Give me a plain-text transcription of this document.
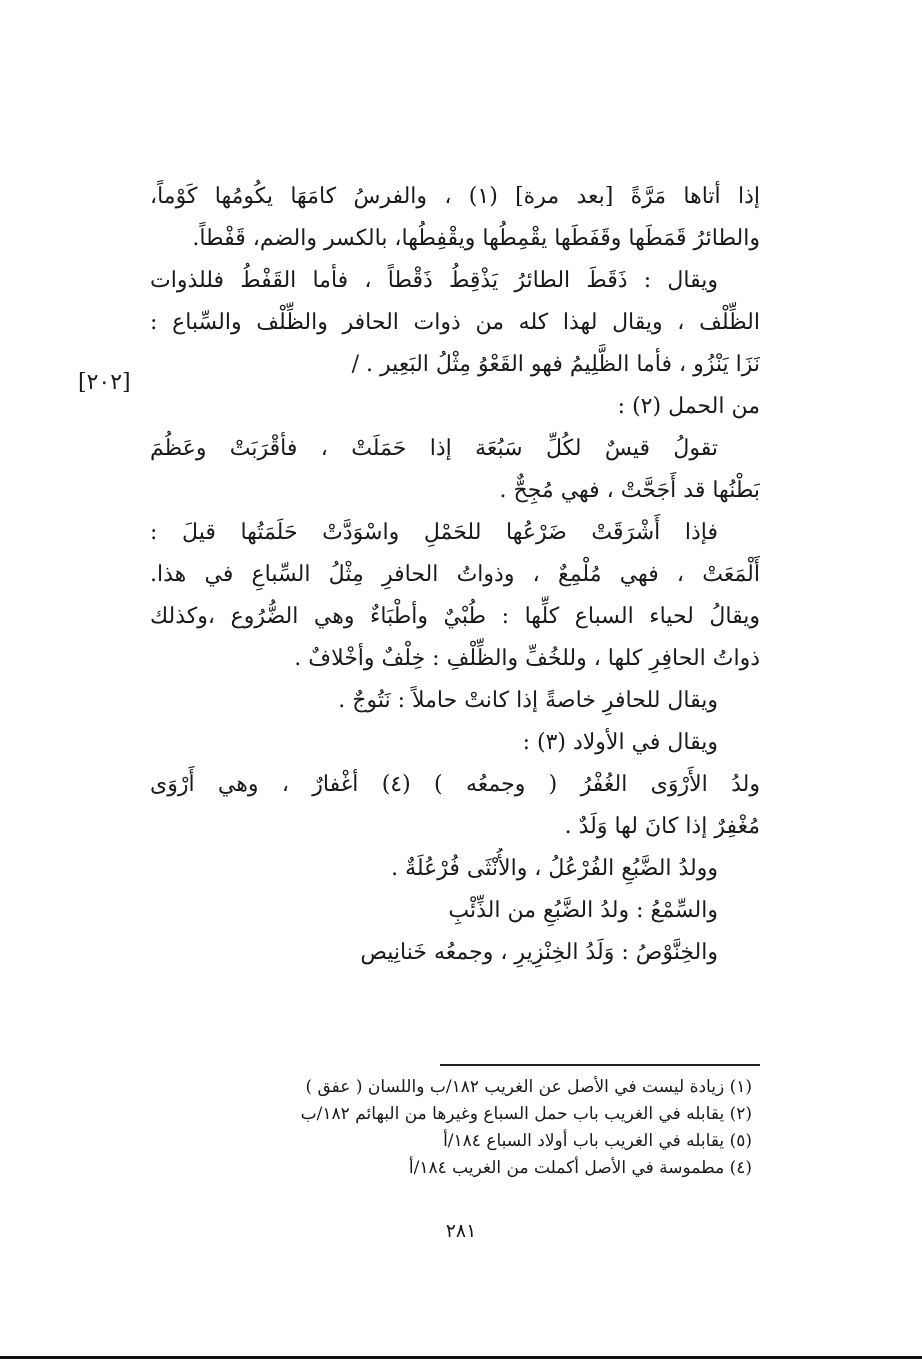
إذا أتاها مَرَّةً [بعد مرة] (١) ، والفرسُ كامَهَا يكُومُها كَوْماً،
والطائرُ قَمَطَها وقَفَطَها يقْمِطُها ويقْفِطُها، بالكسر والضم، قَفْطاً.
ويقال : ذَقَطَ الطائرُ يَذْقِطُ ذَقْطاً ، فأما القَفْطُ فللذوات
الظِّلْف ، ويقال لهذا كله من ذوات الحافر والظِّلْف والسِّباع :
نَزَا يَنْزُو ، فأما الظَّلِيمُ فهو القَعْوُ مِثْلُ البَعِير . /
من الحمل (٢) :
تقولُ قيسٌ لكُلِّ سَبُعَة إذا حَمَلَتْ ، فأقْرَبَتْ وعَظُمَ
بَطْنُها قد أَجَحَّتْ ، فهي مُجِحٌّ .
فإذا أَشْرَقَتْ ضَرْعُها للحَمْلِ واسْوَدَّتْ حَلَمَتُها قيلَ :
أَلْمَعَتْ ، فهي مُلْمِعٌ ، وذواتُ الحافرِ مِثْلُ السِّباعِ في هذا.
ويقالُ لحياء السباع كلِّها : طُبْيٌ وأطْبَاءٌ وهي الضُّرُوع ،وكذلك
ذواتُ الحافِرِ كلها ، وللخُفِّ والظِّلْفِ : خِلْفٌ وأخْلافٌ .
ويقال للحافرِ خاصةً إذا كانتْ حاملاً : نَتُوجٌ .
ويقال في الأولاد (٣) :
ولدُ الأَرْوَى الغُفْرُ ( وجمعُه ) (٤) أغْفارٌ ، وهي أَرْوَى
مُغْفِرٌ إذا كانَ لها وَلَدٌ .
وولدُ الضَّبُعِ الفُرْعُلُ ، والأُنْثَى فُرْعُلَةٌ .
والسِّمْعُ : ولدُ الضَّبُعِ من الذِّئْبِ
والخِنَّوْصُ : وَلَدُ الخِنْزِيرِ ، وجمعُه خَنانِيص
[٢٠٢]
(١) زيادة ليست في الأصل عن الغريب ١٨٢/ب واللسان ( عفق )
(٢) يقابله في الغريب باب حمل السباع وغيرها من البهائم ١٨٢/ب
(٥) يقابله في الغريب باب أولاد السباع ١٨٤/أ
(٤) مطموسة في الأصل أكملت من الغريب ١٨٤/أ
٢٨١
